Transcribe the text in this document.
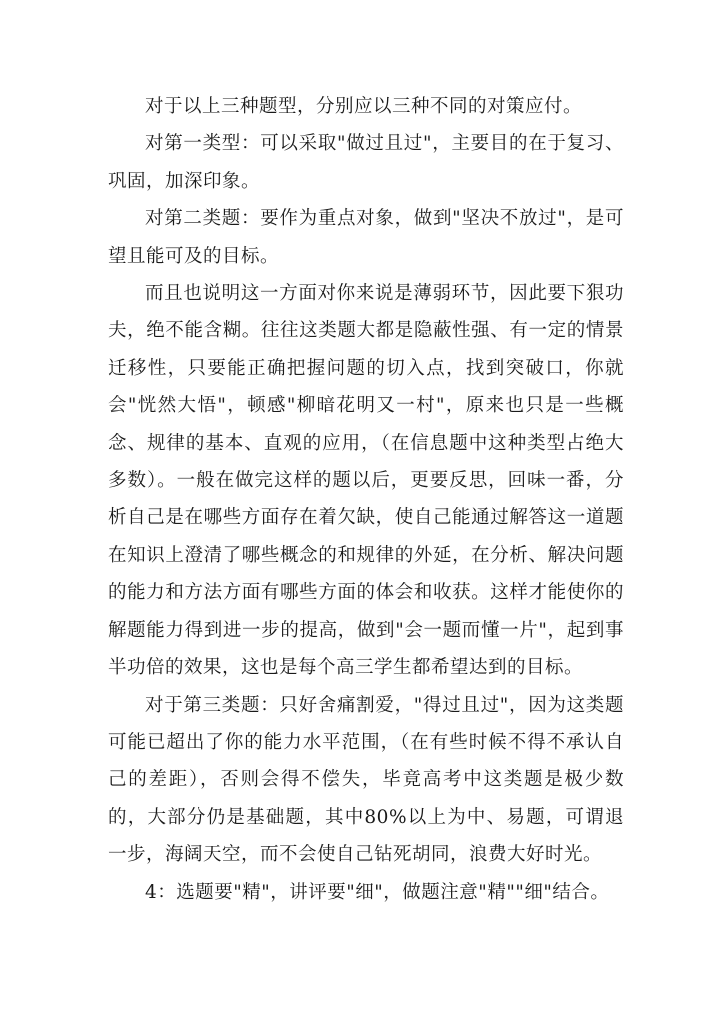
对于以上三种题型，分别应以三种不同的对策应付。

对第一类型：可以采取"做过且过"，主要目的在于复习、巩固，加深印象。

对第二类题：要作为重点对象，做到"坚决不放过"，是可望且能可及的目标。

而且也说明这一方面对你来说是薄弱环节，因此要下狠功夫，绝不能含糊。往往这类题大都是隐蔽性强、有一定的情景迁移性，只要能正确把握问题的切入点，找到突破口，你就会"恍然大悟"，顿感"柳暗花明又一村"，原来也只是一些概念、规律的基本、直观的应用，（在信息题中这种类型占绝大多数）。一般在做完这样的题以后，更要反思，回味一番，分析自己是在哪些方面存在着欠缺，使自己能通过解答这一道题在知识上澄清了哪些概念的和规律的外延，在分析、解决问题的能力和方法方面有哪些方面的体会和收获。这样才能使你的解题能力得到进一步的提高，做到"会一题而懂一片"，起到事半功倍的效果，这也是每个高三学生都希望达到的目标。

对于第三类题：只好舍痛割爱，"得过且过"，因为这类题可能已超出了你的能力水平范围，（在有些时候不得不承认自己的差距），否则会得不偿失，毕竟高考中这类题是极少数的，大部分仍是基础题，其中80%以上为中、易题，可谓退一步，海阔天空，而不会使自己钻死胡同，浪费大好时光。

4：选题要"精"，讲评要"细"，做题注意"精""细"结合。
